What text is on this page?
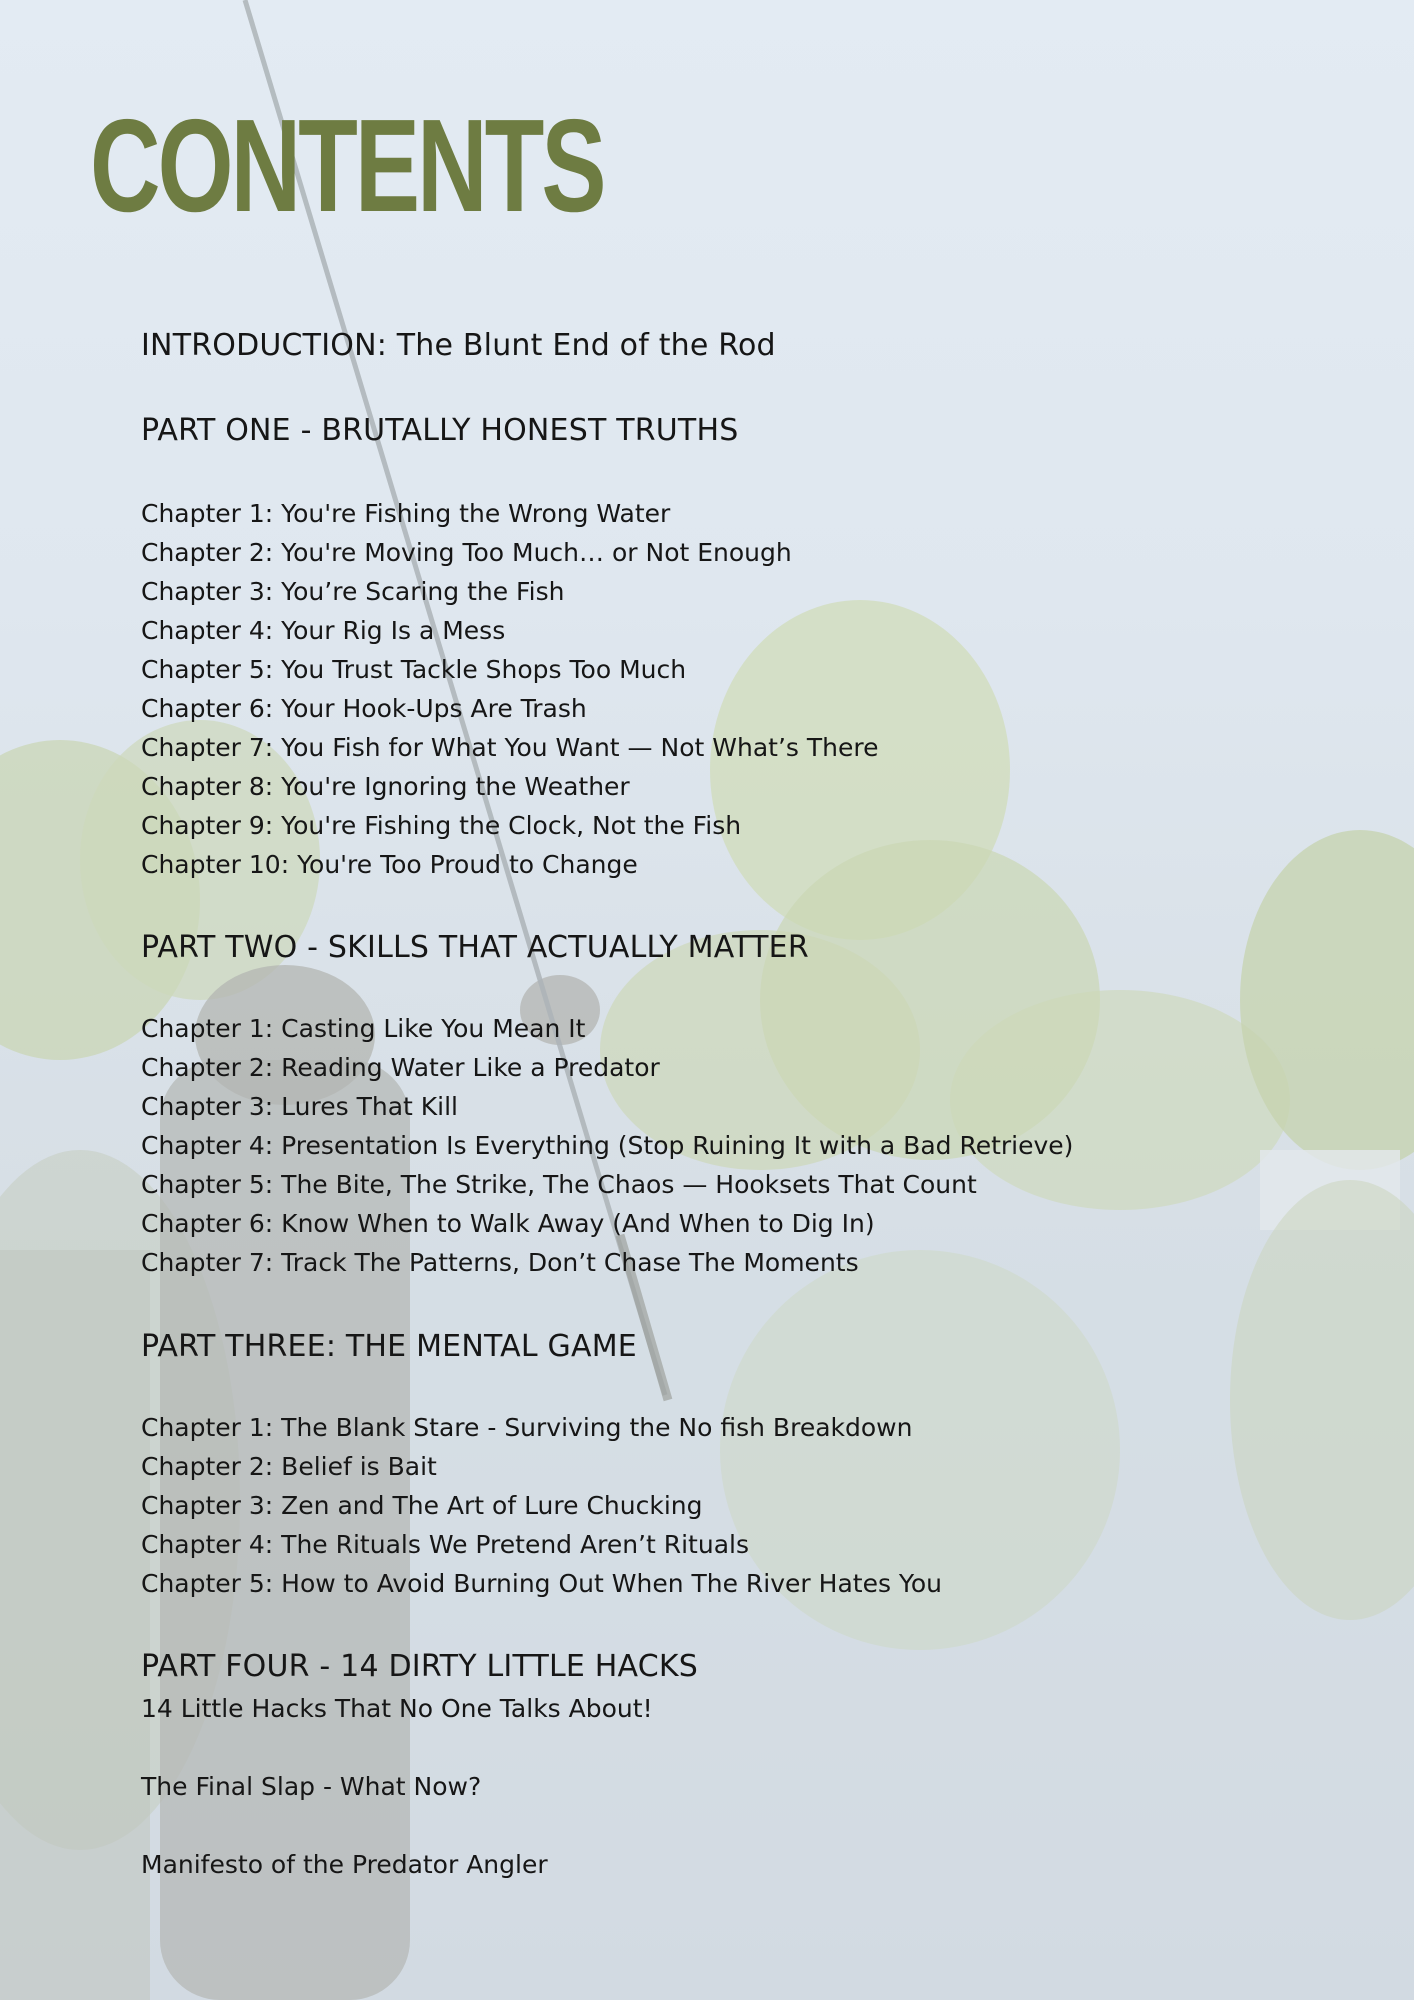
CONTENTS
INTRODUCTION: The Blunt End of the Rod
PART ONE - BRUTALLY HONEST TRUTHS
Chapter 1: You're Fishing the Wrong Water
Chapter 2: You're Moving Too Much… or Not Enough
Chapter 3: You’re Scaring the Fish
Chapter 4: Your Rig Is a Mess
Chapter 5: You Trust Tackle Shops Too Much
Chapter 6: Your Hook-Ups Are Trash
Chapter 7: You Fish for What You Want — Not What’s There
Chapter 8: You're Ignoring the Weather
Chapter 9: You're Fishing the Clock, Not the Fish
Chapter 10: You're Too Proud to Change
PART TWO - SKILLS THAT ACTUALLY MATTER
Chapter 1: Casting Like You Mean It
Chapter 2: Reading Water Like a Predator
Chapter 3: Lures That Kill
Chapter 4: Presentation Is Everything (Stop Ruining It with a Bad Retrieve)
Chapter 5: The Bite, The Strike, The Chaos — Hooksets That Count
Chapter 6: Know When to Walk Away (And When to Dig In)
Chapter 7: Track The Patterns, Don’t Chase The Moments
PART THREE: THE MENTAL GAME
Chapter 1: The Blank Stare - Surviving the No fish Breakdown
Chapter 2: Belief is Bait
Chapter 3: Zen and The Art of Lure Chucking
Chapter 4: The Rituals We Pretend Aren’t Rituals
Chapter 5: How to Avoid Burning Out When The River Hates You
PART FOUR - 14 DIRTY LITTLE HACKS
14 Little Hacks That No One Talks About!
The Final Slap - What Now?
Manifesto of the Predator Angler
